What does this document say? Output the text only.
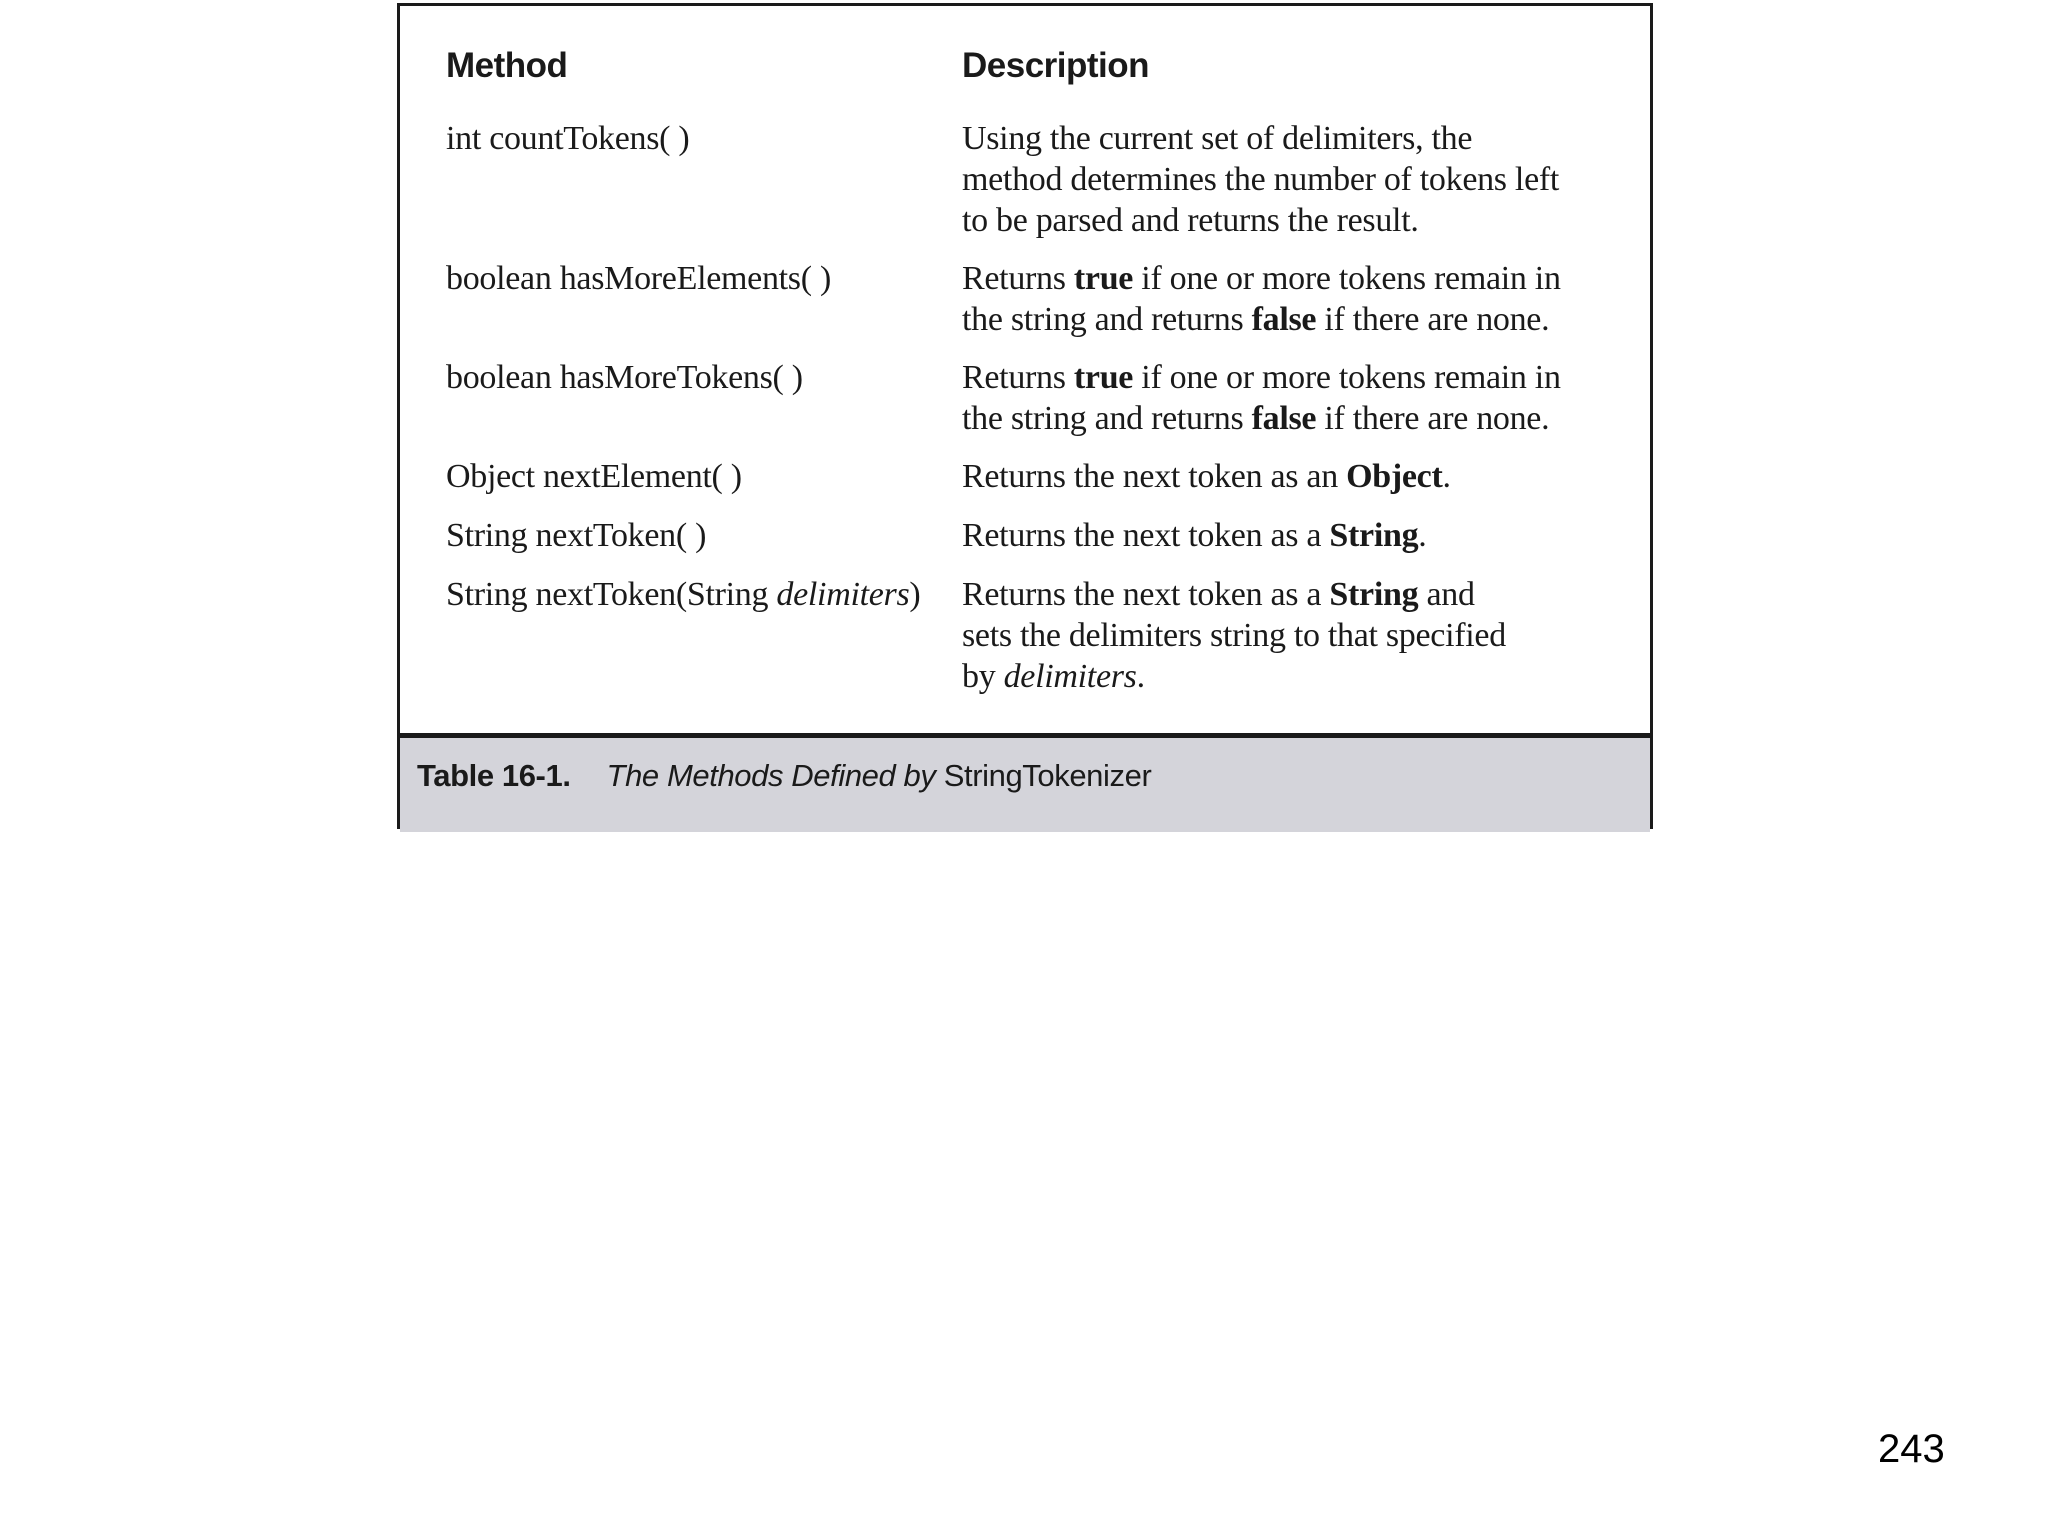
Method	Description
int countTokens( )	Using the current set of delimiters, the
method determines the number of tokens left
to be parsed and returns the result.
boolean hasMoreElements( )	Returns true if one or more tokens remain in
the string and returns false if there are none.
boolean hasMoreTokens( )	Returns true if one or more tokens remain in
the string and returns false if there are none.
Object nextElement( )	Returns the next token as an Object.
String nextToken( )	Returns the next token as a String.
String nextToken(String delimiters) Returns the next token as a String and
sets the delimiters string to that specified
by delimiters.
Table 16-1. The Methods Defined by StringTokenizer
243
